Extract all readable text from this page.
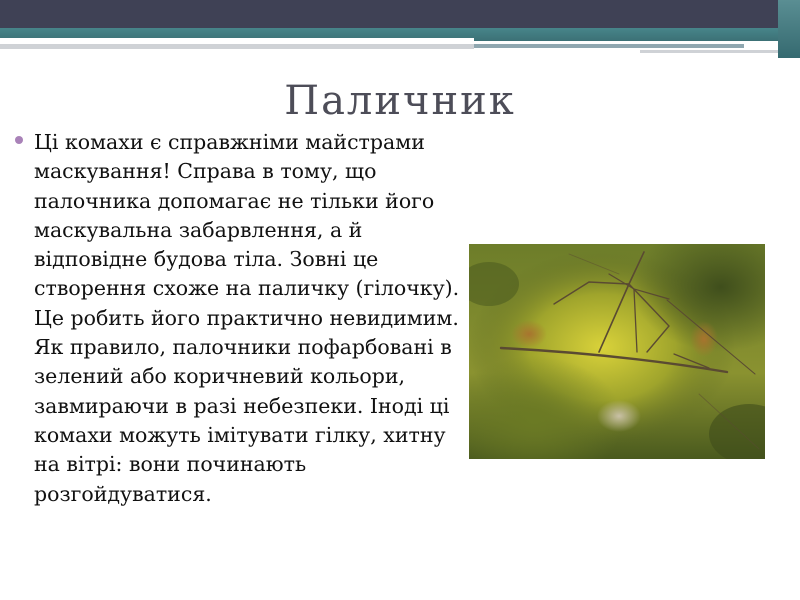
Паличник

Ці комахи є справжніми майстрами маскування! Справа в тому, що палочника допомагає не тільки його маскувальна забарвлення, а й відповідне будова тіла. Зовні це створення схоже на паличку (гілочку). Це робить його практично невидимим. Як правило, палочники пофарбовані в зелений або коричневий кольори, завмираючи в разі небезпеки. Іноді ці комахи можуть імітувати гілку, хитну на вітрі: вони починають розгойдуватися.
